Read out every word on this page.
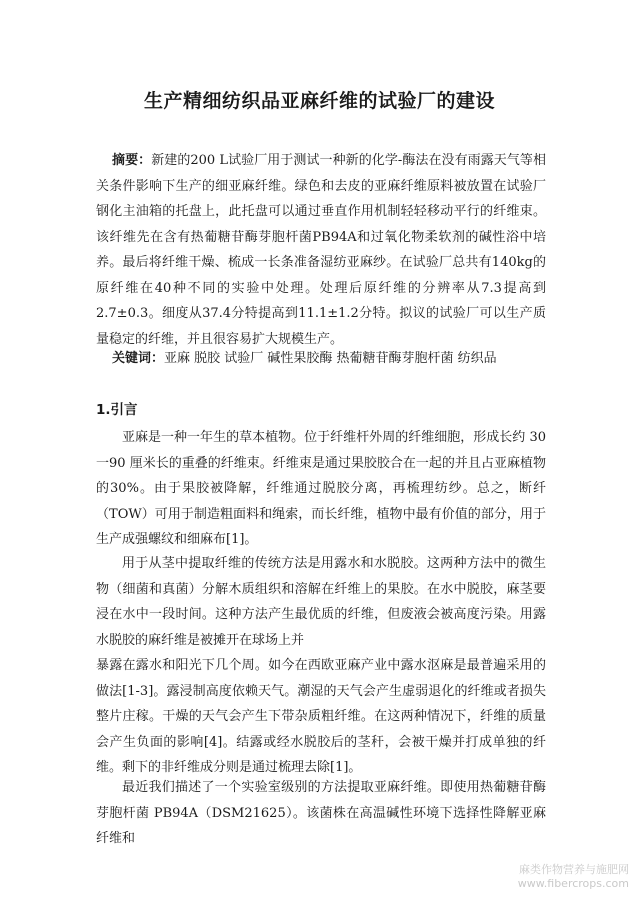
生产精细纺织品亚麻纤维的试验厂的建设
摘要：新建的200 L试验厂用于测试一种新的化学-酶法在没有雨露天气等相关条件影响下生产的细亚麻纤维。绿色和去皮的亚麻纤维原料被放置在试验厂钢化主油箱的托盘上，此托盘可以通过垂直作用机制轻轻移动平行的纤维束。该纤维先在含有热葡糖苷酶芽胞杆菌PB94A和过氧化物柔软剂的碱性浴中培养。最后将纤维干燥、梳成一长条准备湿纺亚麻纱。在试验厂总共有140kg的原纤维在40种不同的实验中处理。处理后原纤维的分辨率从7.3提高到2.7±0.3。细度从37.4分特提高到11.1±1.2分特。拟议的试验厂可以生产质量稳定的纤维，并且很容易扩大规模生产。
关键词：亚麻 脱胶 试验厂 碱性果胶酶 热葡糖苷酶芽胞杆菌 纺织品
1.引言
亚麻是一种一年生的草本植物。位于纤维杆外周的纤维细胞，形成长约 30一90 厘米长的重叠的纤维束。纤维束是通过果胶胶合在一起的并且占亚麻植物的30%。由于果胶被降解，纤维通过脱胶分离，再梳理纺纱。总之，断纤（TOW）可用于制造粗面料和绳索，而长纤维，植物中最有价值的部分，用于生产成强螺纹和细麻布[1]。
用于从茎中提取纤维的传统方法是用露水和水脱胶。这两种方法中的微生物（细菌和真菌）分解木质组织和溶解在纤维上的果胶。在水中脱胶，麻茎要浸在水中一段时间。这种方法产生最优质的纤维，但废液会被高度污染。用露水脱胶的麻纤维是被摊开在球场上并
暴露在露水和阳光下几个周。如今在西欧亚麻产业中露水沤麻是最普遍采用的做法[1-3]。露浸制高度依赖天气。潮湿的天气会产生虚弱退化的纤维或者损失整片庄稼。干燥的天气会产生下带杂质粗纤维。在这两种情况下，纤维的质量会产生负面的影响[4]。结露或经水脱胶后的茎秆，会被干燥并打成单独的纤维。剩下的非纤维成分则是通过梳理去除[1]。
最近我们描述了一个实验室级别的方法提取亚麻纤维。即使用热葡糖苷酶芽胞杆菌 PB94A（DSM21625）。该菌株在高温碱性环境下选择性降解亚麻纤维和
麻类作物营养与施肥网
www.fibercrops.com
